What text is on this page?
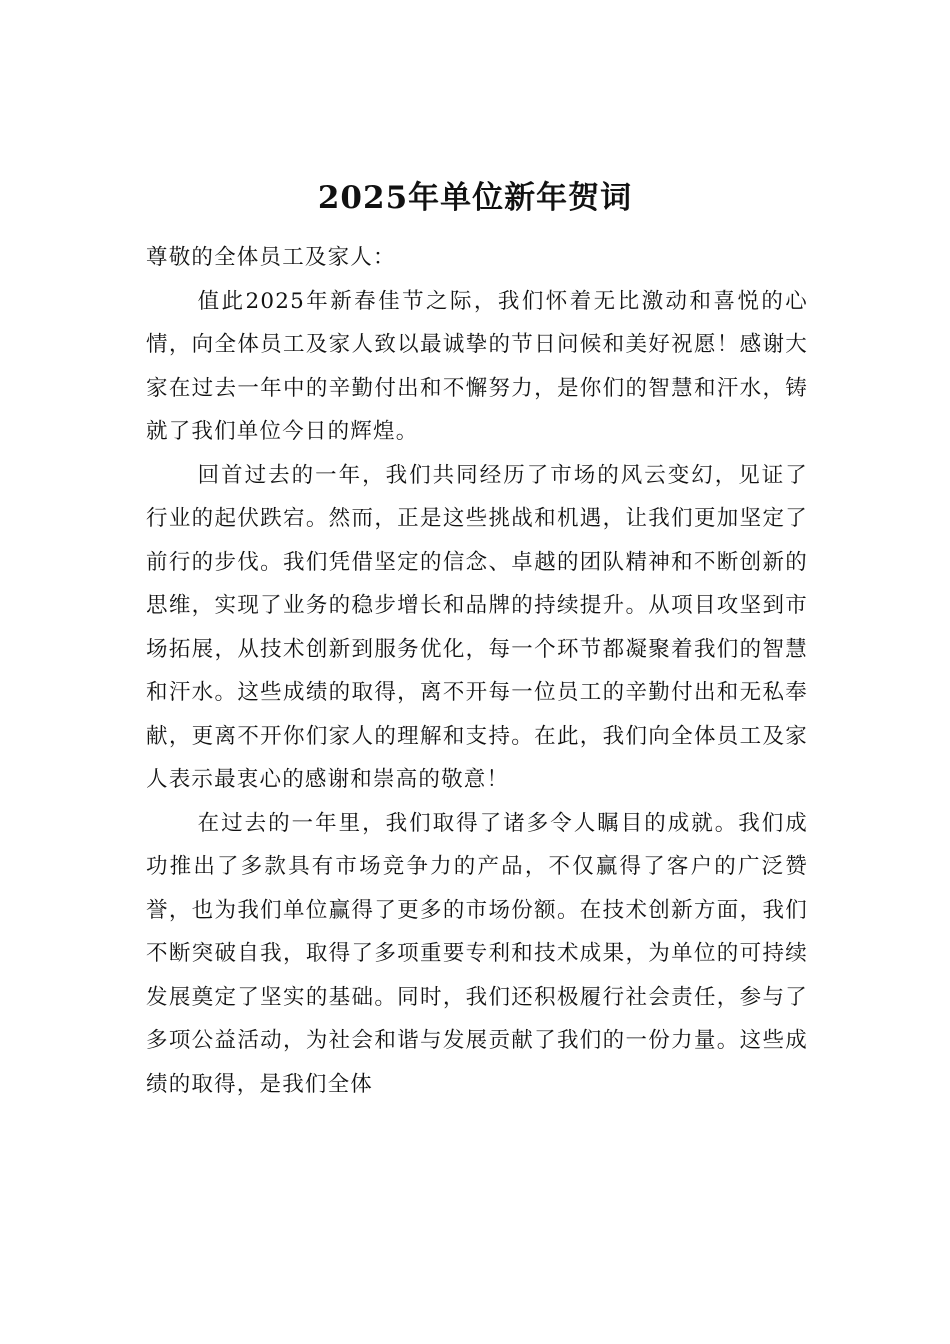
2025年单位新年贺词

尊敬的全体员工及家人：

值此2025年新春佳节之际，我们怀着无比激动和喜悦的心情，向全体员工及家人致以最诚挚的节日问候和美好祝愿！感谢大家在过去一年中的辛勤付出和不懈努力，是你们的智慧和汗水，铸就了我们单位今日的辉煌。

回首过去的一年，我们共同经历了市场的风云变幻，见证了行业的起伏跌宕。然而，正是这些挑战和机遇，让我们更加坚定了前行的步伐。我们凭借坚定的信念、卓越的团队精神和不断创新的思维，实现了业务的稳步增长和品牌的持续提升。从项目攻坚到市场拓展，从技术创新到服务优化，每一个环节都凝聚着我们的智慧和汗水。这些成绩的取得，离不开每一位员工的辛勤付出和无私奉献，更离不开你们家人的理解和支持。在此，我们向全体员工及家人表示最衷心的感谢和崇高的敬意！

在过去的一年里，我们取得了诸多令人瞩目的成就。我们成功推出了多款具有市场竞争力的产品，不仅赢得了客户的广泛赞誉，也为我们单位赢得了更多的市场份额。在技术创新方面，我们不断突破自我，取得了多项重要专利和技术成果，为单位的可持续发展奠定了坚实的基础。同时，我们还积极履行社会责任，参与了多项公益活动，为社会和谐与发展贡献了我们的一份力量。这些成绩的取得，是我们全体
